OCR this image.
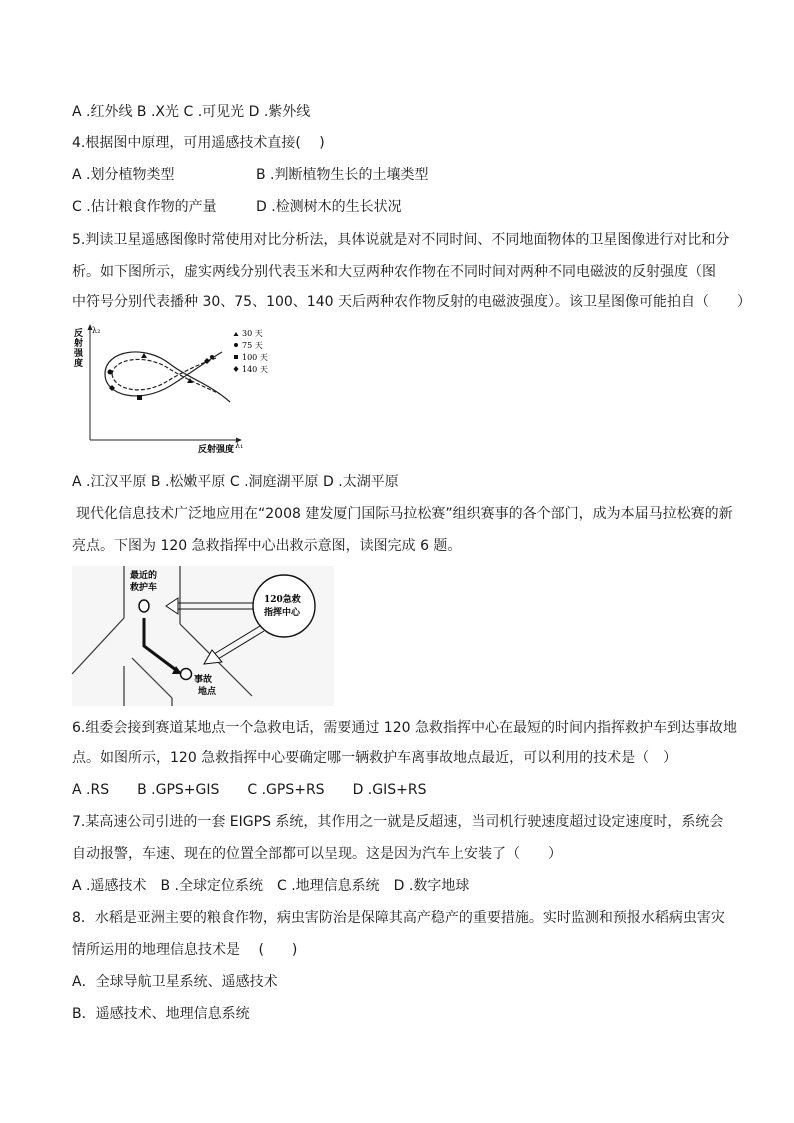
A .红外线 B .X光 C .可见光 D .紫外线
4.根据图中原理，可用遥感技术直接(　 )
A .划分植物类型	B .判断植物生长的土壤类型
C .估计粮食作物的产量	D .检测树木的生长状况
5.判读卫星遥感图像时常使用对比分析法，具体说就是对不同时间、不同地面物体的卫星图像进行对比和分
析。如下图所示，虚实两线分别代表玉米和大豆两种农作物在不同时间对两种不同电磁波的反射强度（图
中符号分别代表播种 30、75、100、140 天后两种农作物反射的电磁波强度）。该卫星图像可能拍自（　　）
λ₂
反
射
强
度
λ₁
反射强度
30 天
75 天
100 天
140 天
A .江汉平原 B .松嫩平原 C .洞庭湖平原 D .太湖平原
现代化信息技术广泛地应用在“2008 建发厦门国际马拉松赛”组织赛事的各个部门，成为本届马拉松赛的新
亮点。下图为 120 急救指挥中心出救示意图，读图完成 6 题。
最近的
救护车
事故
地点
120急救
指挥中心
6.组委会接到赛道某地点一个急救电话，需要通过 120 急救指挥中心在最短的时间内指挥救护车到达事故地
点。如图所示，120 急救指挥中心要确定哪一辆救护车离事故地点最近，可以利用的技术是（　）
A .RS　　B .GPS+GIS　　C .GPS+RS　　D .GIS+RS
7.某高速公司引进的一套 EIGPS 系统，其作用之一就是反超速，当司机行驶速度超过设定速度时，系统会
自动报警，车速、现在的位置全部都可以呈现。这是因为汽车上安装了（　　）
A .遥感技术　B .全球定位系统　C .地理信息系统　D .数字地球
8．水稻是亚洲主要的粮食作物，病虫害防治是保障其高产稳产的重要措施。实时监测和预报水稻病虫害灾
情所运用的地理信息技术是　 (　　)
A．全球导航卫星系统、遥感技术
B．遥感技术、地理信息系统
